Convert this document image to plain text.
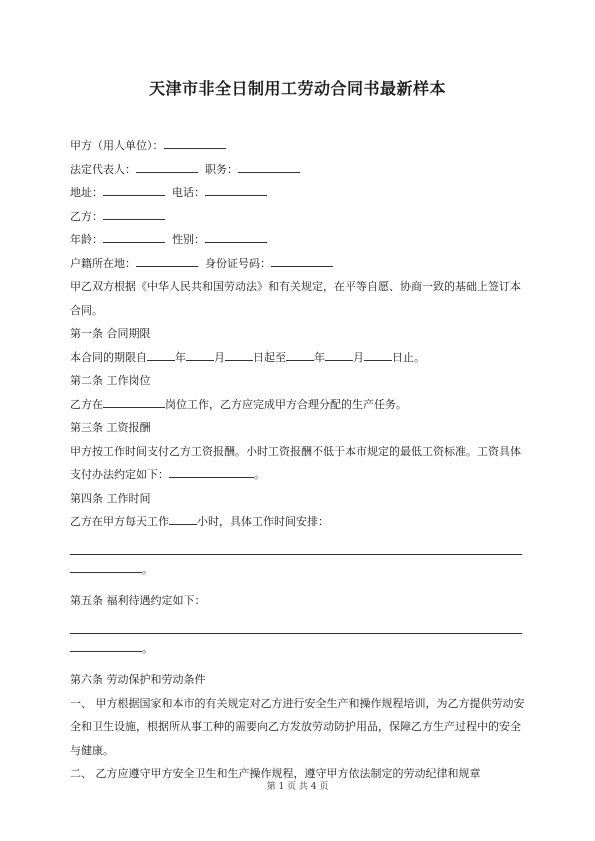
天津市非全日制用工劳动合同书最新样本
甲方（用人单位）：
法定代表人：	职务：
地址：	电话：
乙方：
年龄：	性别：
户籍所在地：	身份证号码：
甲乙双方根据《中华人民共和国劳动法》和有关规定，在平等自愿、协商一致的基础上签订本合同。
第一条 合同期限
本合同的期限自	年	月	日起至	年	月	日止。
第二条 工作岗位
乙方在	岗位工作，乙方应完成甲方合理分配的生产任务。
第三条 工资报酬
甲方按工作时间支付乙方工资报酬。小时工资报酬不低于本市规定的最低工资标准。工资具体支付办法约定如下：	。
第四条 工作时间
乙方在甲方每天工作	小时，具体工作时间安排：
。
第五条 福利待遇约定如下：
。
第六条 劳动保护和劳动条件
一、 甲方根据国家和本市的有关规定对乙方进行安全生产和操作规程培训，为乙方提供劳动安全和卫生设施，根据所从事工种的需要向乙方发放劳动防护用品，保障乙方生产过程中的安全与健康。
二、 乙方应遵守甲方安全卫生和生产操作规程，遵守甲方依法制定的劳动纪律和规章
第 1 页 共 4 页
